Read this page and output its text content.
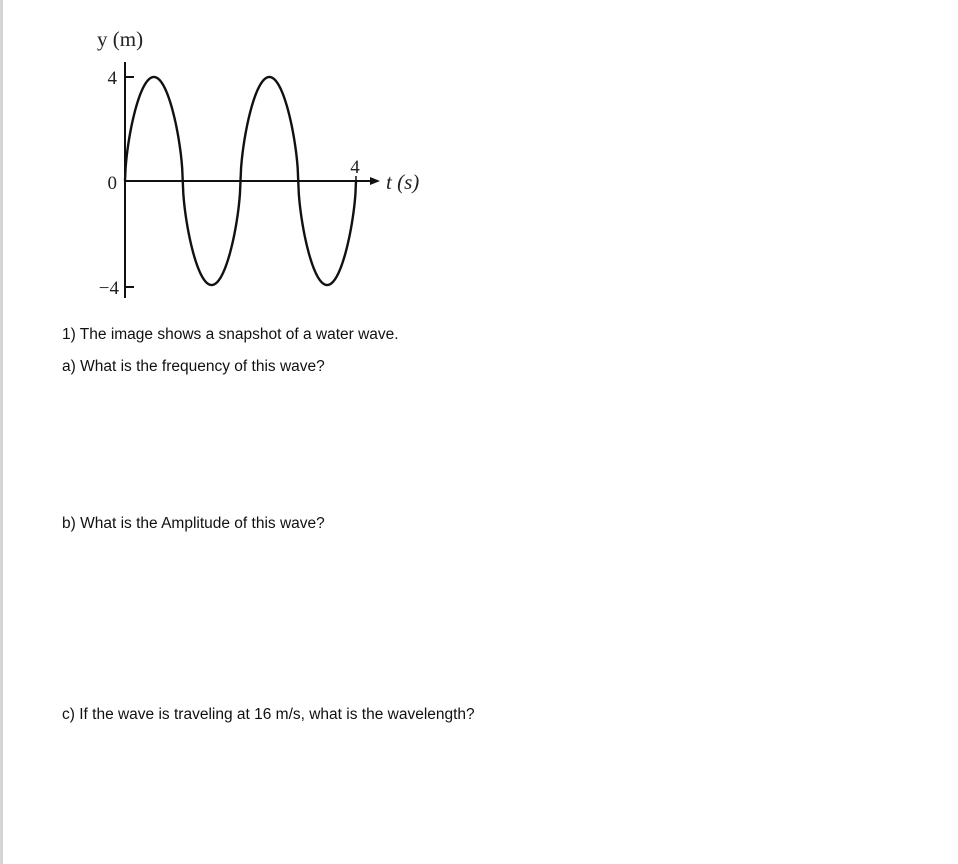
y (m)
4
0
−4
4
t (s)

1) The image shows a snapshot of a water wave.

a) What is the frequency of this wave?

b) What is the Amplitude of this wave?

c) If the wave is traveling at 16 m/s, what is the wavelength?
